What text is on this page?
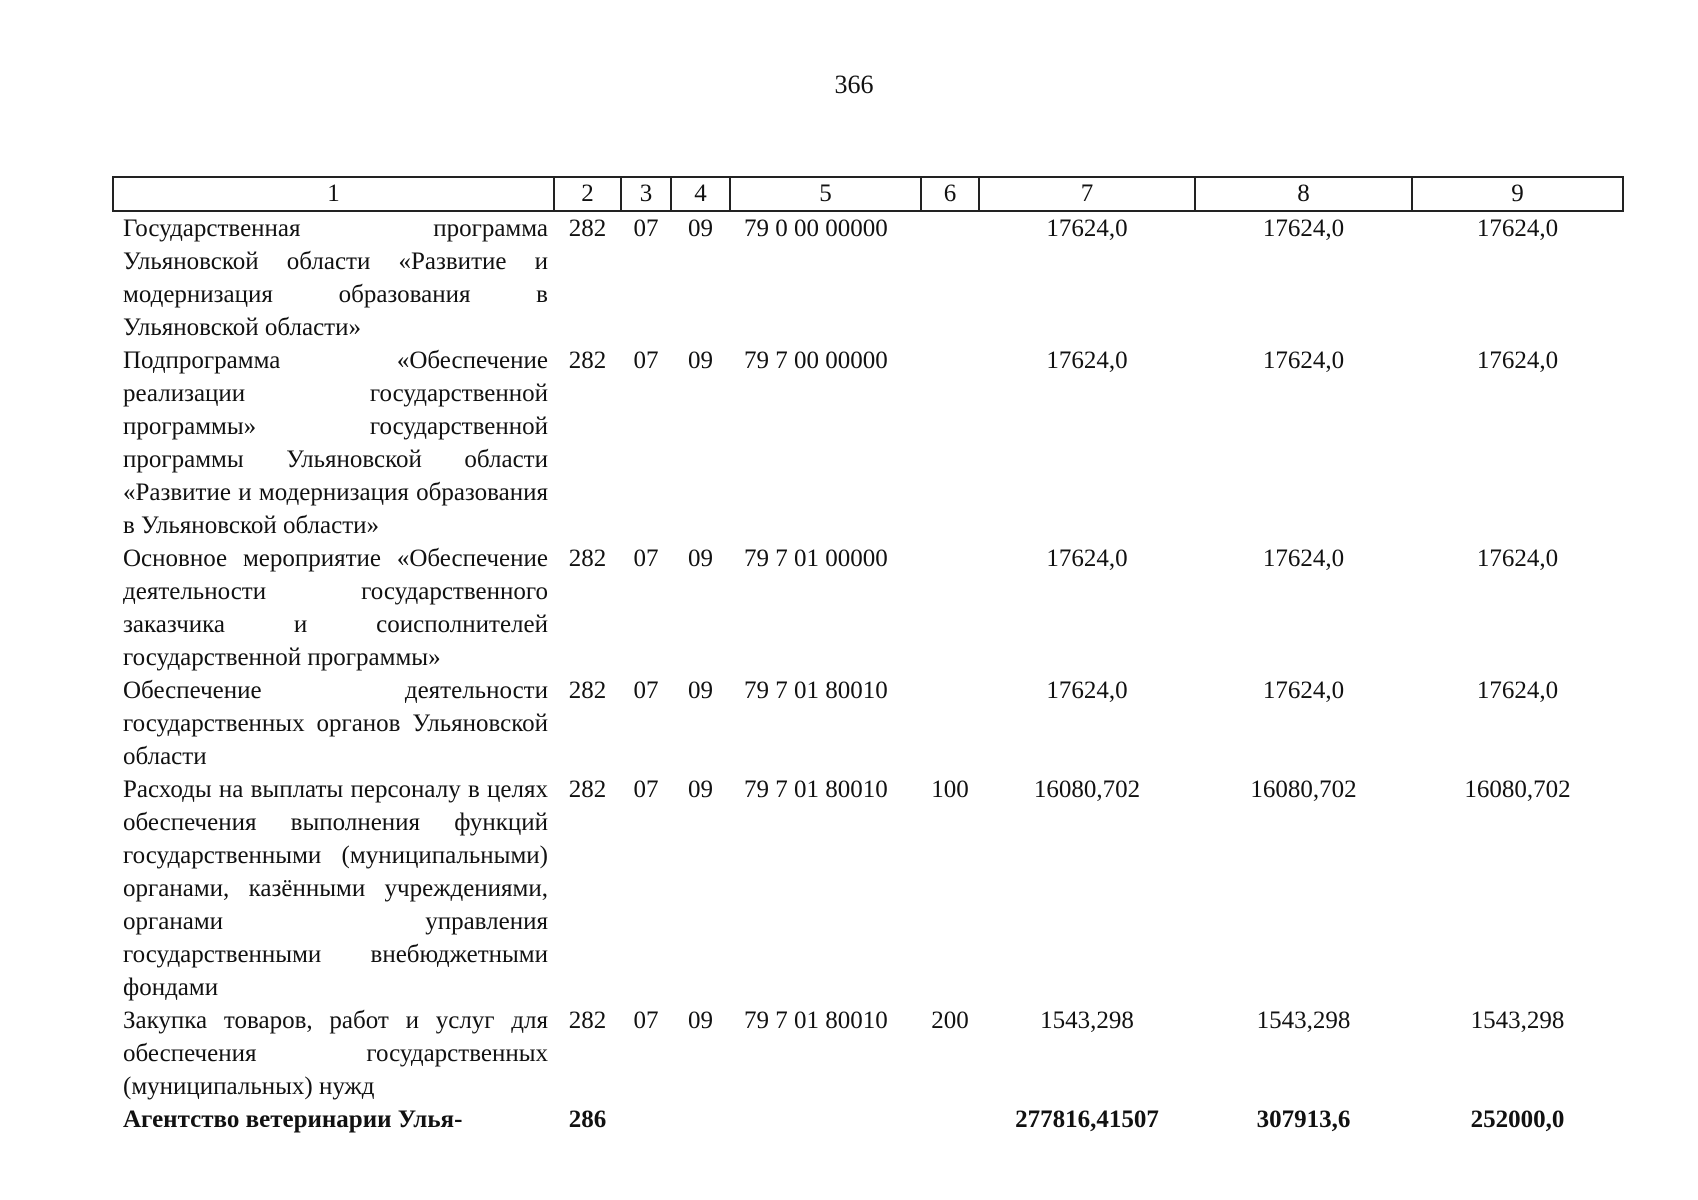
366
1	2	3	4	5	6	7	8	9
Государственная программа Ульяновской области «Развитие и модернизация образования в Ульяновской области»	282	07	09	79 0 00 00000		17624,0	17624,0	17624,0
Подпрограмма «Обеспечение реализации государственной программы» государственной программы Ульяновской области «Развитие и модернизация образования в Ульяновской области»	282	07	09	79 7 00 00000		17624,0	17624,0	17624,0
Основное мероприятие «Обеспечение деятельности государственного заказчика и соисполнителей государственной программы»	282	07	09	79 7 01 00000		17624,0	17624,0	17624,0
Обеспечение деятельности государственных органов Ульяновской области	282	07	09	79 7 01 80010		17624,0	17624,0	17624,0
Расходы на выплаты персоналу в целях обеспечения выполнения функций государственными (муниципальными) органами, казёнными учреждениями, органами управления государственными внебюджетными фондами	282	07	09	79 7 01 80010	100	16080,702	16080,702	16080,702
Закупка товаров, работ и услуг для обеспечения государственных (муниципальных) нужд	282	07	09	79 7 01 80010	200	1543,298	1543,298	1543,298
Агентство ветеринарии Улья-	286					277816,41507	307913,6	252000,0
